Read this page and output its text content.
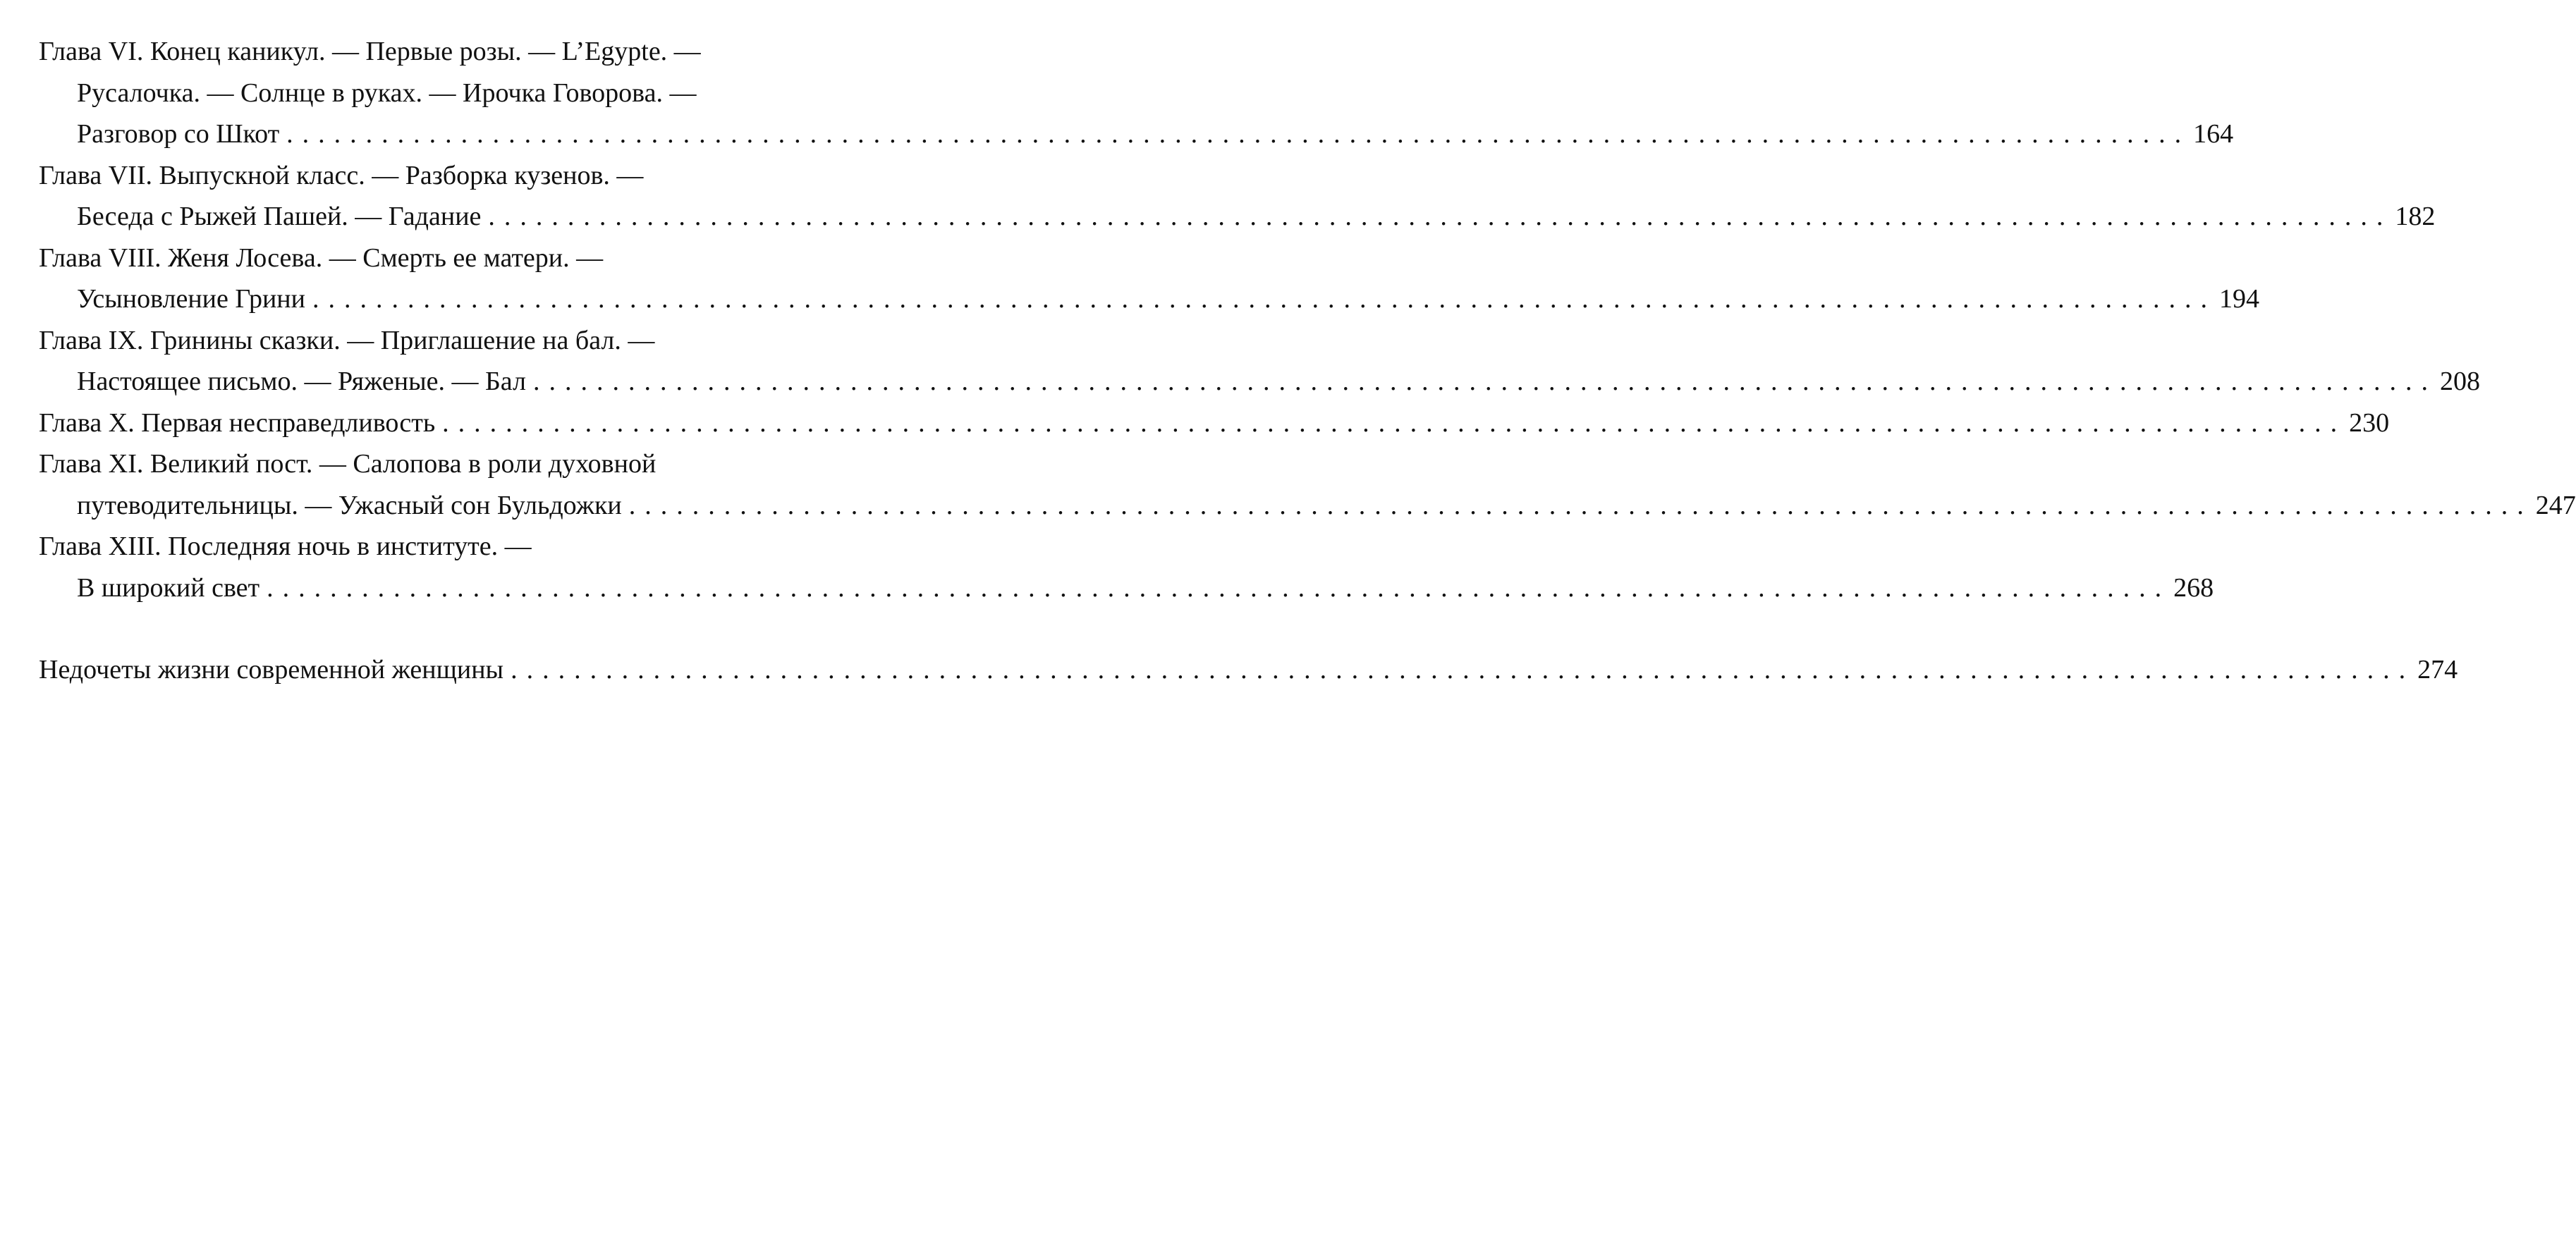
Глава VI. Конец каникул. — Первые розы. — L’Egypte. —
Русалочка. — Солнце в руках. — Ирочка Говорова. —
Разговор со Шкот ........................................................................................................................ 164
Глава VII. Выпускной класс. — Разборка кузенов. —
Беседа с Рыжей Пашей. — Гадание ........................................................................................................................ 182
Глава VIII. Женя Лосева. — Смерть ее матери. —
Усыновление Грини ........................................................................................................................ 194
Глава IX. Гринины сказки. — Приглашение на бал. —
Настоящее письмо. — Ряженые. — Бал ........................................................................................................................ 208
Глава X. Первая несправедливость ........................................................................................................................ 230
Глава XI. Великий пост. — Салопова в роли духовной
путеводительницы. — Ужасный сон Бульдожки ........................................................................................................................ 247
Глава XIII. Последняя ночь в институте. —
В широкий свет ........................................................................................................................ 268
Недочеты жизни современной женщины ........................................................................................................................ 274
